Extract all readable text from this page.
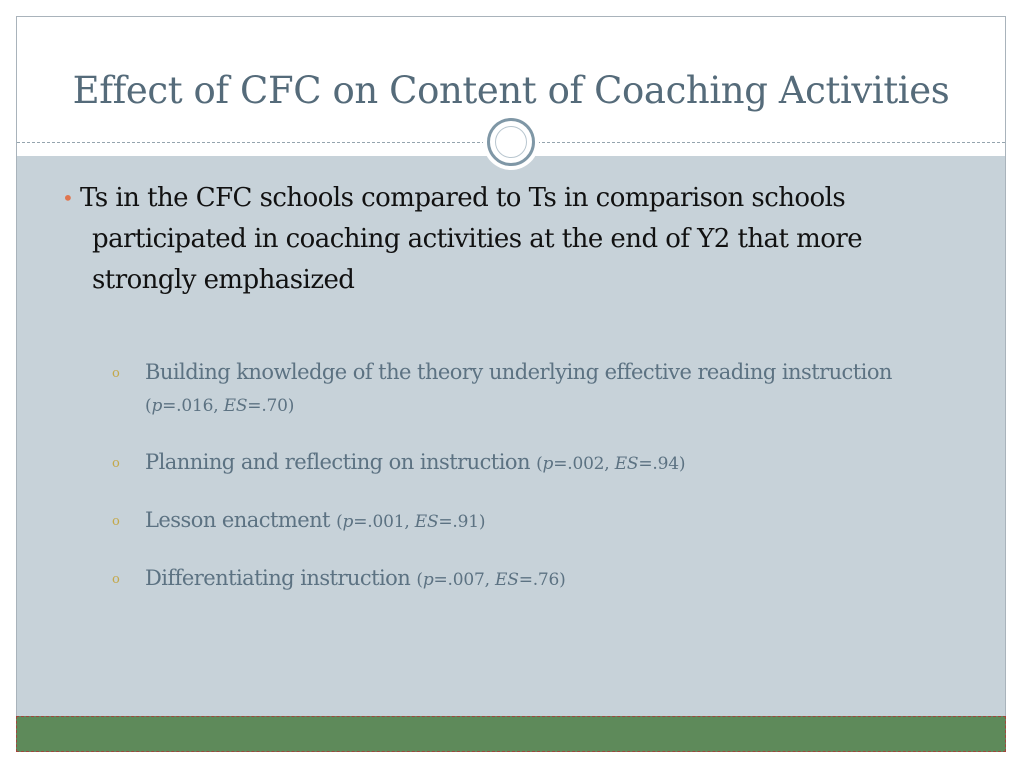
Effect of CFC on Content of Coaching Activities
• Ts in the CFC schools compared to Ts in comparison schools participated in coaching activities at the end of Y2 that more strongly emphasized
o Building knowledge of the theory underlying effective reading instruction (p=.016, ES=.70)
o Planning and reflecting on instruction (p=.002, ES=.94)
o Lesson enactment (p=.001, ES=.91)
o Differentiating instruction (p=.007, ES=.76)
